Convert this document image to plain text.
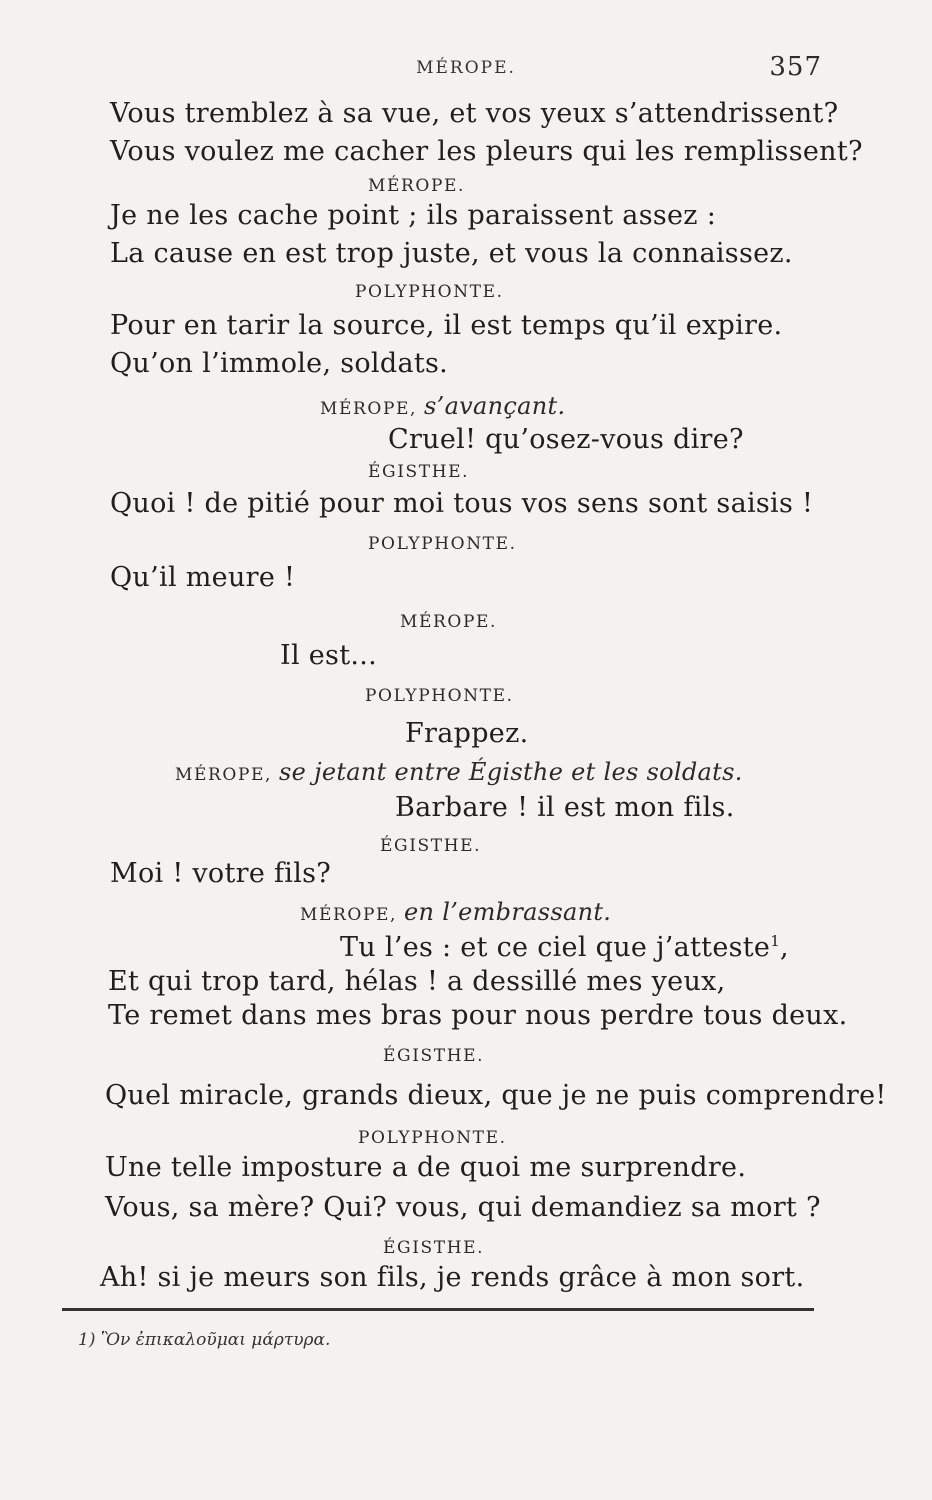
MÉROPE.	357
Vous tremblez à sa vue, et vos yeux s’attendrissent?
Vous voulez me cacher les pleurs qui les remplissent?
MÉROPE.
Je ne les cache point ; ils paraissent assez :
La cause en est trop juste, et vous la connaissez.
POLYPHONTE.
Pour en tarir la source, il est temps qu’il expire.
Qu’on l’immole, soldats.
MÉROPE, s’avançant.
Cruel! qu’osez-vous dire?
ÉGISTHE.
Quoi ! de pitié pour moi tous vos sens sont saisis !
POLYPHONTE.
Qu’il meure !
MÉROPE.
Il est...
POLYPHONTE.
Frappez.
MÉROPE, se jetant entre Égisthe et les soldats.
Barbare ! il est mon fils.
ÉGISTHE.
Moi ! votre fils?
MÉROPE, en l’embrassant.
Tu l’es : et ce ciel que j’atteste$^1$,
Et qui trop tard, hélas ! a dessillé mes yeux,
Te remet dans mes bras pour nous perdre tous deux.
ÉGISTHE.
Quel miracle, grands dieux, que je ne puis comprendre!
POLYPHONTE.
Une telle imposture a de quoi me surprendre.
Vous, sa mère? Qui? vous, qui demandiez sa mort ?
ÉGISTHE.
Ah! si je meurs son fils, je rends grâce à mon sort.
1) Ὃν ἐπικαλοῦμαι μάρτυρα.
